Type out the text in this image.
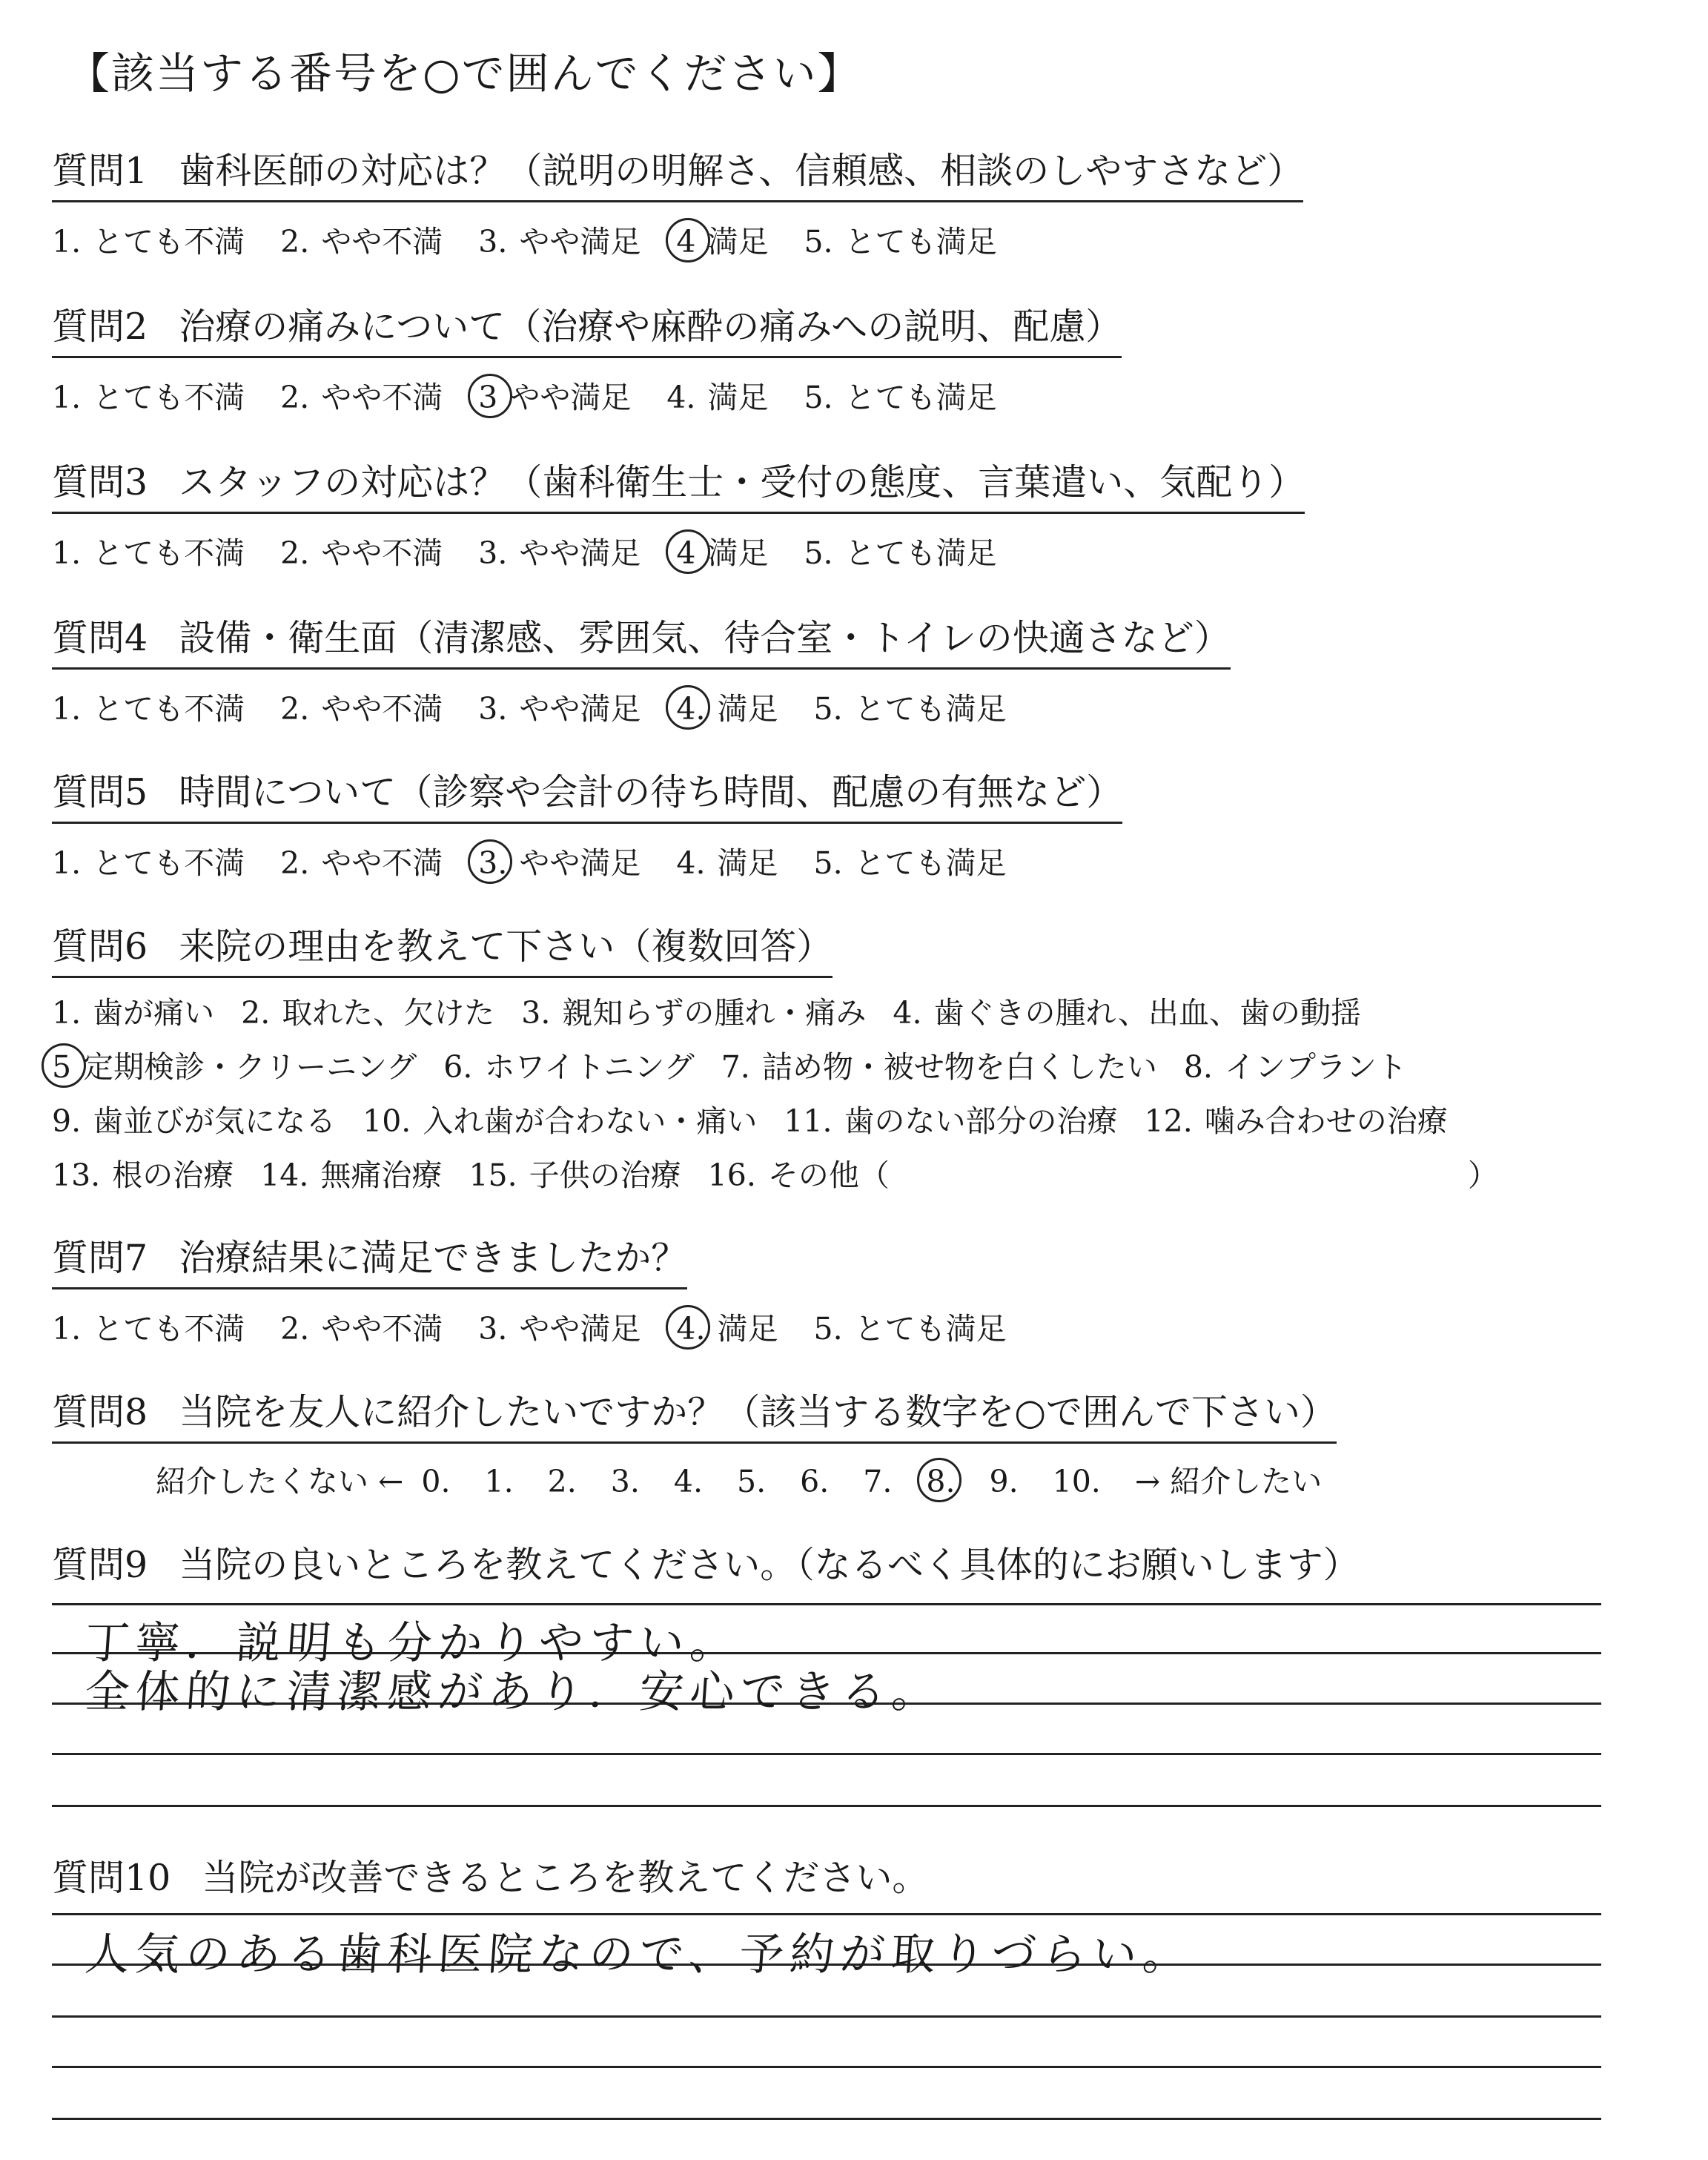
【該当する番号を○で囲んでください】
質問1 歯科医師の対応は？（説明の明解さ、信頼感、相談のしやすさなど）
1. とても不満 2. やや不満 3. やや満足 4 満足 5. とても満足
質問2 治療の痛みについて（治療や麻酔の痛みへの説明、配慮）
1. とても不満 2. やや不満 3 やや満足 4. 満足 5. とても満足
質問3 スタッフの対応は？（歯科衛生士・受付の態度、言葉遣い、気配り）
1. とても不満 2. やや不満 3. やや満足 4 満足 5. とても満足
質問4 設備・衛生面（清潔感、雰囲気、待合室・トイレの快適さなど）
1. とても不満 2. やや不満 3. やや満足 4. 満足 5. とても満足
質問5 時間について（診察や会計の待ち時間、配慮の有無など）
1. とても不満 2. やや不満 3. やや満足 4. 満足 5. とても満足
質問6 来院の理由を教えて下さい（複数回答）
1. 歯が痛い 2. 取れた、欠けた 3. 親知らずの腫れ・痛み 4. 歯ぐきの腫れ、出血、歯の動揺
5 定期検診・クリーニング 6. ホワイトニング 7. 詰め物・被せ物を白くしたい 8. インプラント
9. 歯並びが気になる 10. 入れ歯が合わない・痛い 11. 歯のない部分の治療 12. 噛み合わせの治療
13. 根の治療 14. 無痛治療 15. 子供の治療 16. その他（	）
質問7 治療結果に満足できましたか？
1. とても不満 2. やや不満 3. やや満足 4. 満足 5. とても満足
質問8 当院を友人に紹介したいですか？（該当する数字を○で囲んで下さい）
紹介したくない ← 0. 1. 2. 3. 4. 5. 6. 7. 8. 9. 10. → 紹介したい
質問9 当院の良いところを教えてください。（なるべく具体的にお願いします）
丁寧．説明も分かりやすい。
全体的に清潔感があり．安心できる。
質問10 当院が改善できるところを教えてください。
人気のある歯科医院なので、予約が取りづらい。
